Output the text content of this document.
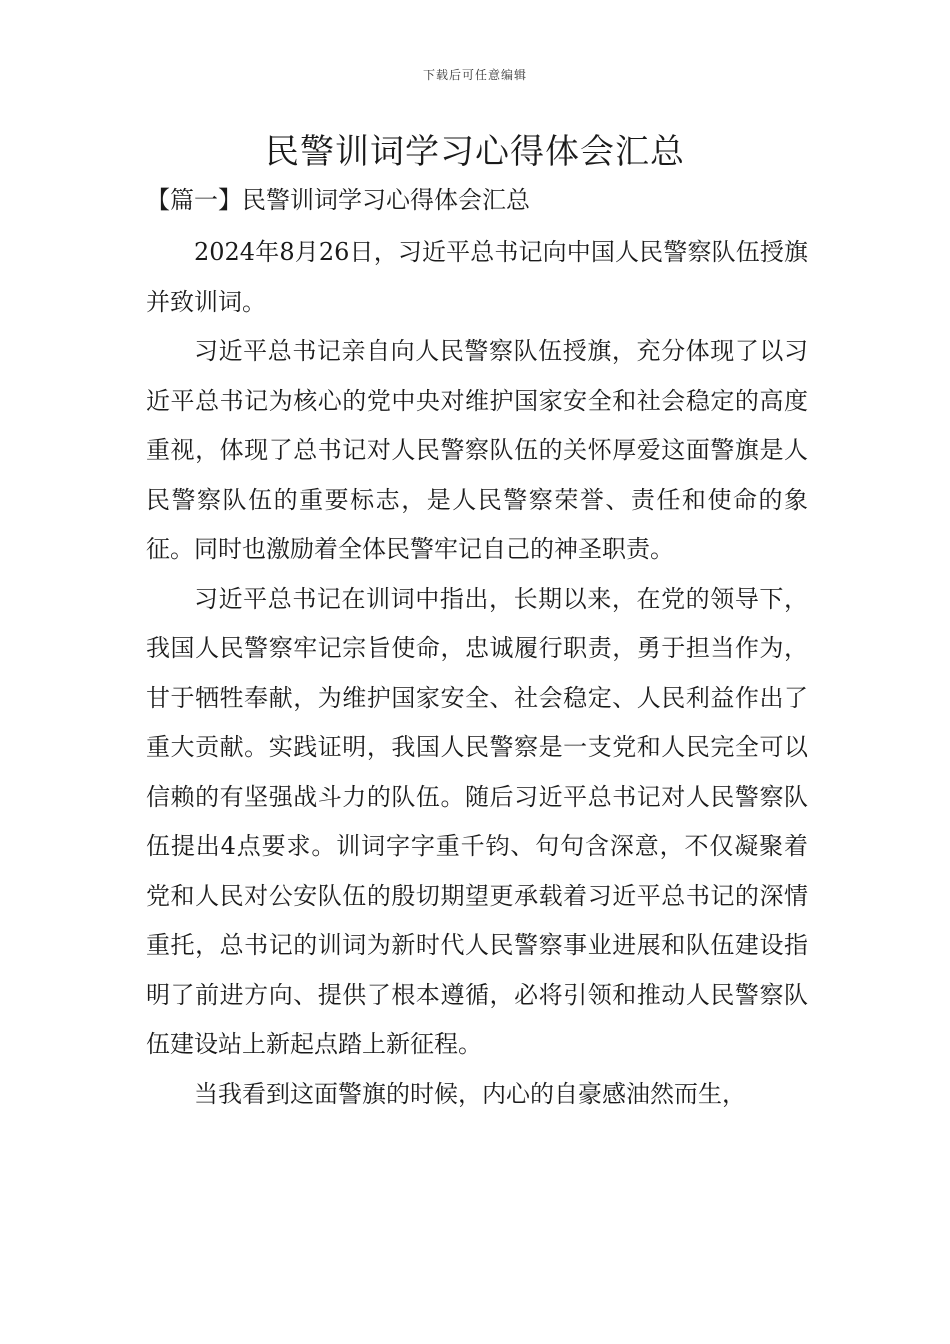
下载后可任意编辑
民警训词学习心得体会汇总
【篇一】民警训词学习心得体会汇总

2024年8月26日，习近平总书记向中国人民警察队伍授旗并致训词。

习近平总书记亲自向人民警察队伍授旗，充分体现了以习近平总书记为核心的党中央对维护国家安全和社会稳定的高度重视，体现了总书记对人民警察队伍的关怀厚爱这面警旗是人民警察队伍的重要标志，是人民警察荣誉、责任和使命的象征。同时也激励着全体民警牢记自己的神圣职责。

习近平总书记在训词中指出，长期以来，在党的领导下，我国人民警察牢记宗旨使命，忠诚履行职责，勇于担当作为，甘于牺牲奉献，为维护国家安全、社会稳定、人民利益作出了重大贡献。实践证明，我国人民警察是一支党和人民完全可以信赖的有坚强战斗力的队伍。随后习近平总书记对人民警察队伍提出4点要求。训词字字重千钧、句句含深意，不仅凝聚着党和人民对公安队伍的殷切期望更承载着习近平总书记的深情重托，总书记的训词为新时代人民警察事业进展和队伍建设指明了前进方向、提供了根本遵循，必将引领和推动人民警察队伍建设站上新起点踏上新征程。

当我看到这面警旗的时候，内心的自豪感油然而生，
